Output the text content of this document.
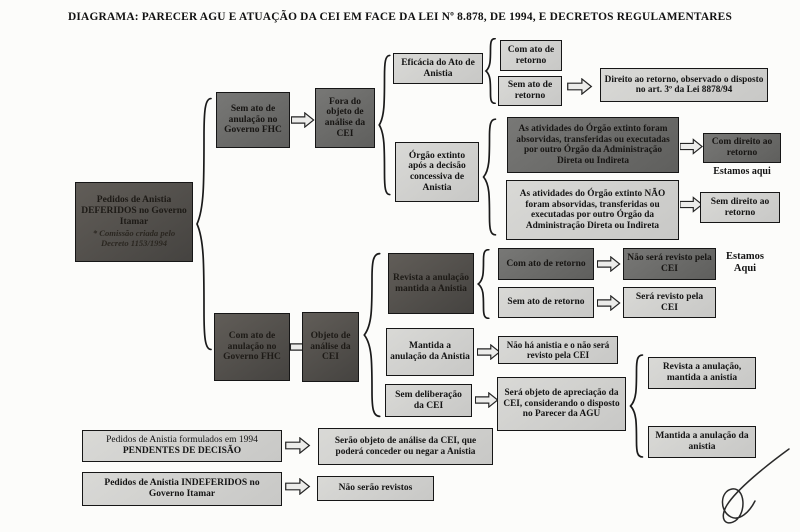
DIAGRAMA: PARECER AGU E ATUAÇÃO DA CEI EM FACE DA LEI Nº 8.878, DE 1994, E DECRETOS REGULAMENTARES
Pedidos de Anistia DEFERIDOS no Governo Itamar
* Comissão criada pelo Decreto 1153/1994
Sem ato de anulação no Governo FHC
Fora do objeto de análise da CEI
Eficácia do Ato de Anistia
Com ato de retorno
Sem ato de retorno
Direito ao retorno, observado o disposto no art. 3º da Lei 8878/94
Órgão extinto após a decisão concessiva de Anistia
As atividades do Órgão extinto foram absorvidas, transferidas ou executadas por outro Órgão da Administração Direta ou Indireta
Com direito ao retorno
Estamos aqui
As atividades do Órgão extinto NÃO foram absorvidas, transferidas ou executadas por outro Órgão da Administração Direta ou Indireta
Sem direito ao retorno
Com ato de anulação no Governo FHC
Objeto de análise da CEI
Revista a anulação mantida a Anistia
Com ato de retorno
Não será revisto pela CEI
Estamos Aqui
Sem ato de retorno
Será revisto pela CEI
Mantida a anulação da Anistia
Não há anistia e o não será revisto pela CEI
Sem deliberação da CEI
Será objeto de apreciação da CEI, considerando o disposto no Parecer da AGU
Revista a anulação, mantida a anistia
Mantida a anulação da anistia
Pedidos de Anistia formulados em 1994
PENDENTES DE DECISÃO
Serão objeto de análise da CEI, que poderá conceder ou negar a Anistia
Pedidos de Anistia INDEFERIDOS no Governo Itamar
Não serão revistos
